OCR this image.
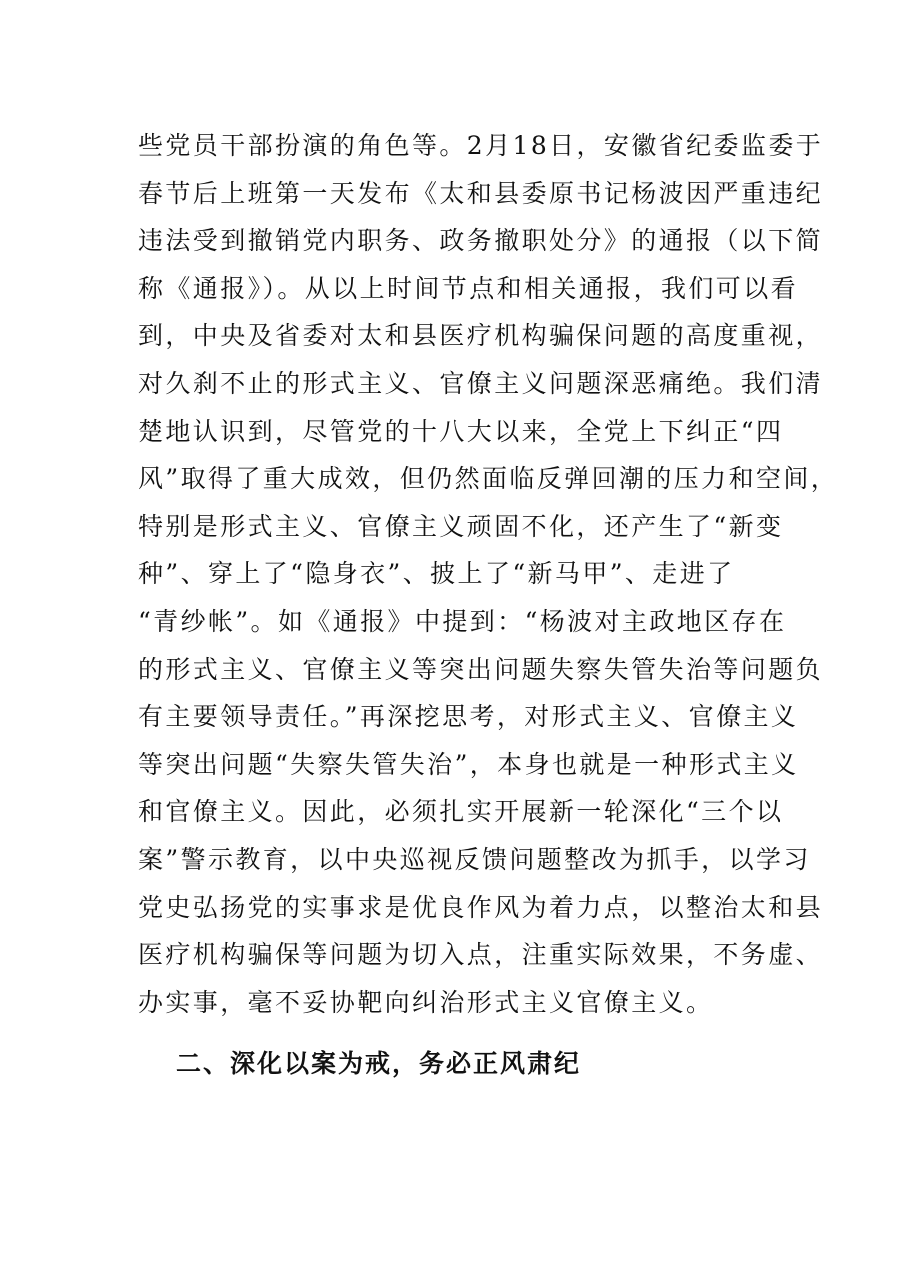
些党员干部扮演的角色等。2月18日，安徽省纪委监委于
春节后上班第一天发布《太和县委原书记杨波因严重违纪
违法受到撤销党内职务、政务撤职处分》的通报（以下简
称《通报》）。从以上时间节点和相关通报，我们可以看
到，中央及省委对太和县医疗机构骗保问题的高度重视，
对久刹不止的形式主义、官僚主义问题深恶痛绝。我们清
楚地认识到，尽管党的十八大以来，全党上下纠正“四
风”取得了重大成效，但仍然面临反弹回潮的压力和空间，
特别是形式主义、官僚主义顽固不化，还产生了“新变
种”、穿上了“隐身衣”、披上了“新马甲”、走进了
“青纱帐”。如《通报》中提到：“杨波对主政地区存在
的形式主义、官僚主义等突出问题失察失管失治等问题负
有主要领导责任。”再深挖思考，对形式主义、官僚主义
等突出问题“失察失管失治”，本身也就是一种形式主义
和官僚主义。因此，必须扎实开展新一轮深化“三个以
案”警示教育，以中央巡视反馈问题整改为抓手，以学习
党史弘扬党的实事求是优良作风为着力点，以整治太和县
医疗机构骗保等问题为切入点，注重实际效果，不务虚、
办实事，毫不妥协靶向纠治形式主义官僚主义。

二、深化以案为戒，务必正风肃纪
